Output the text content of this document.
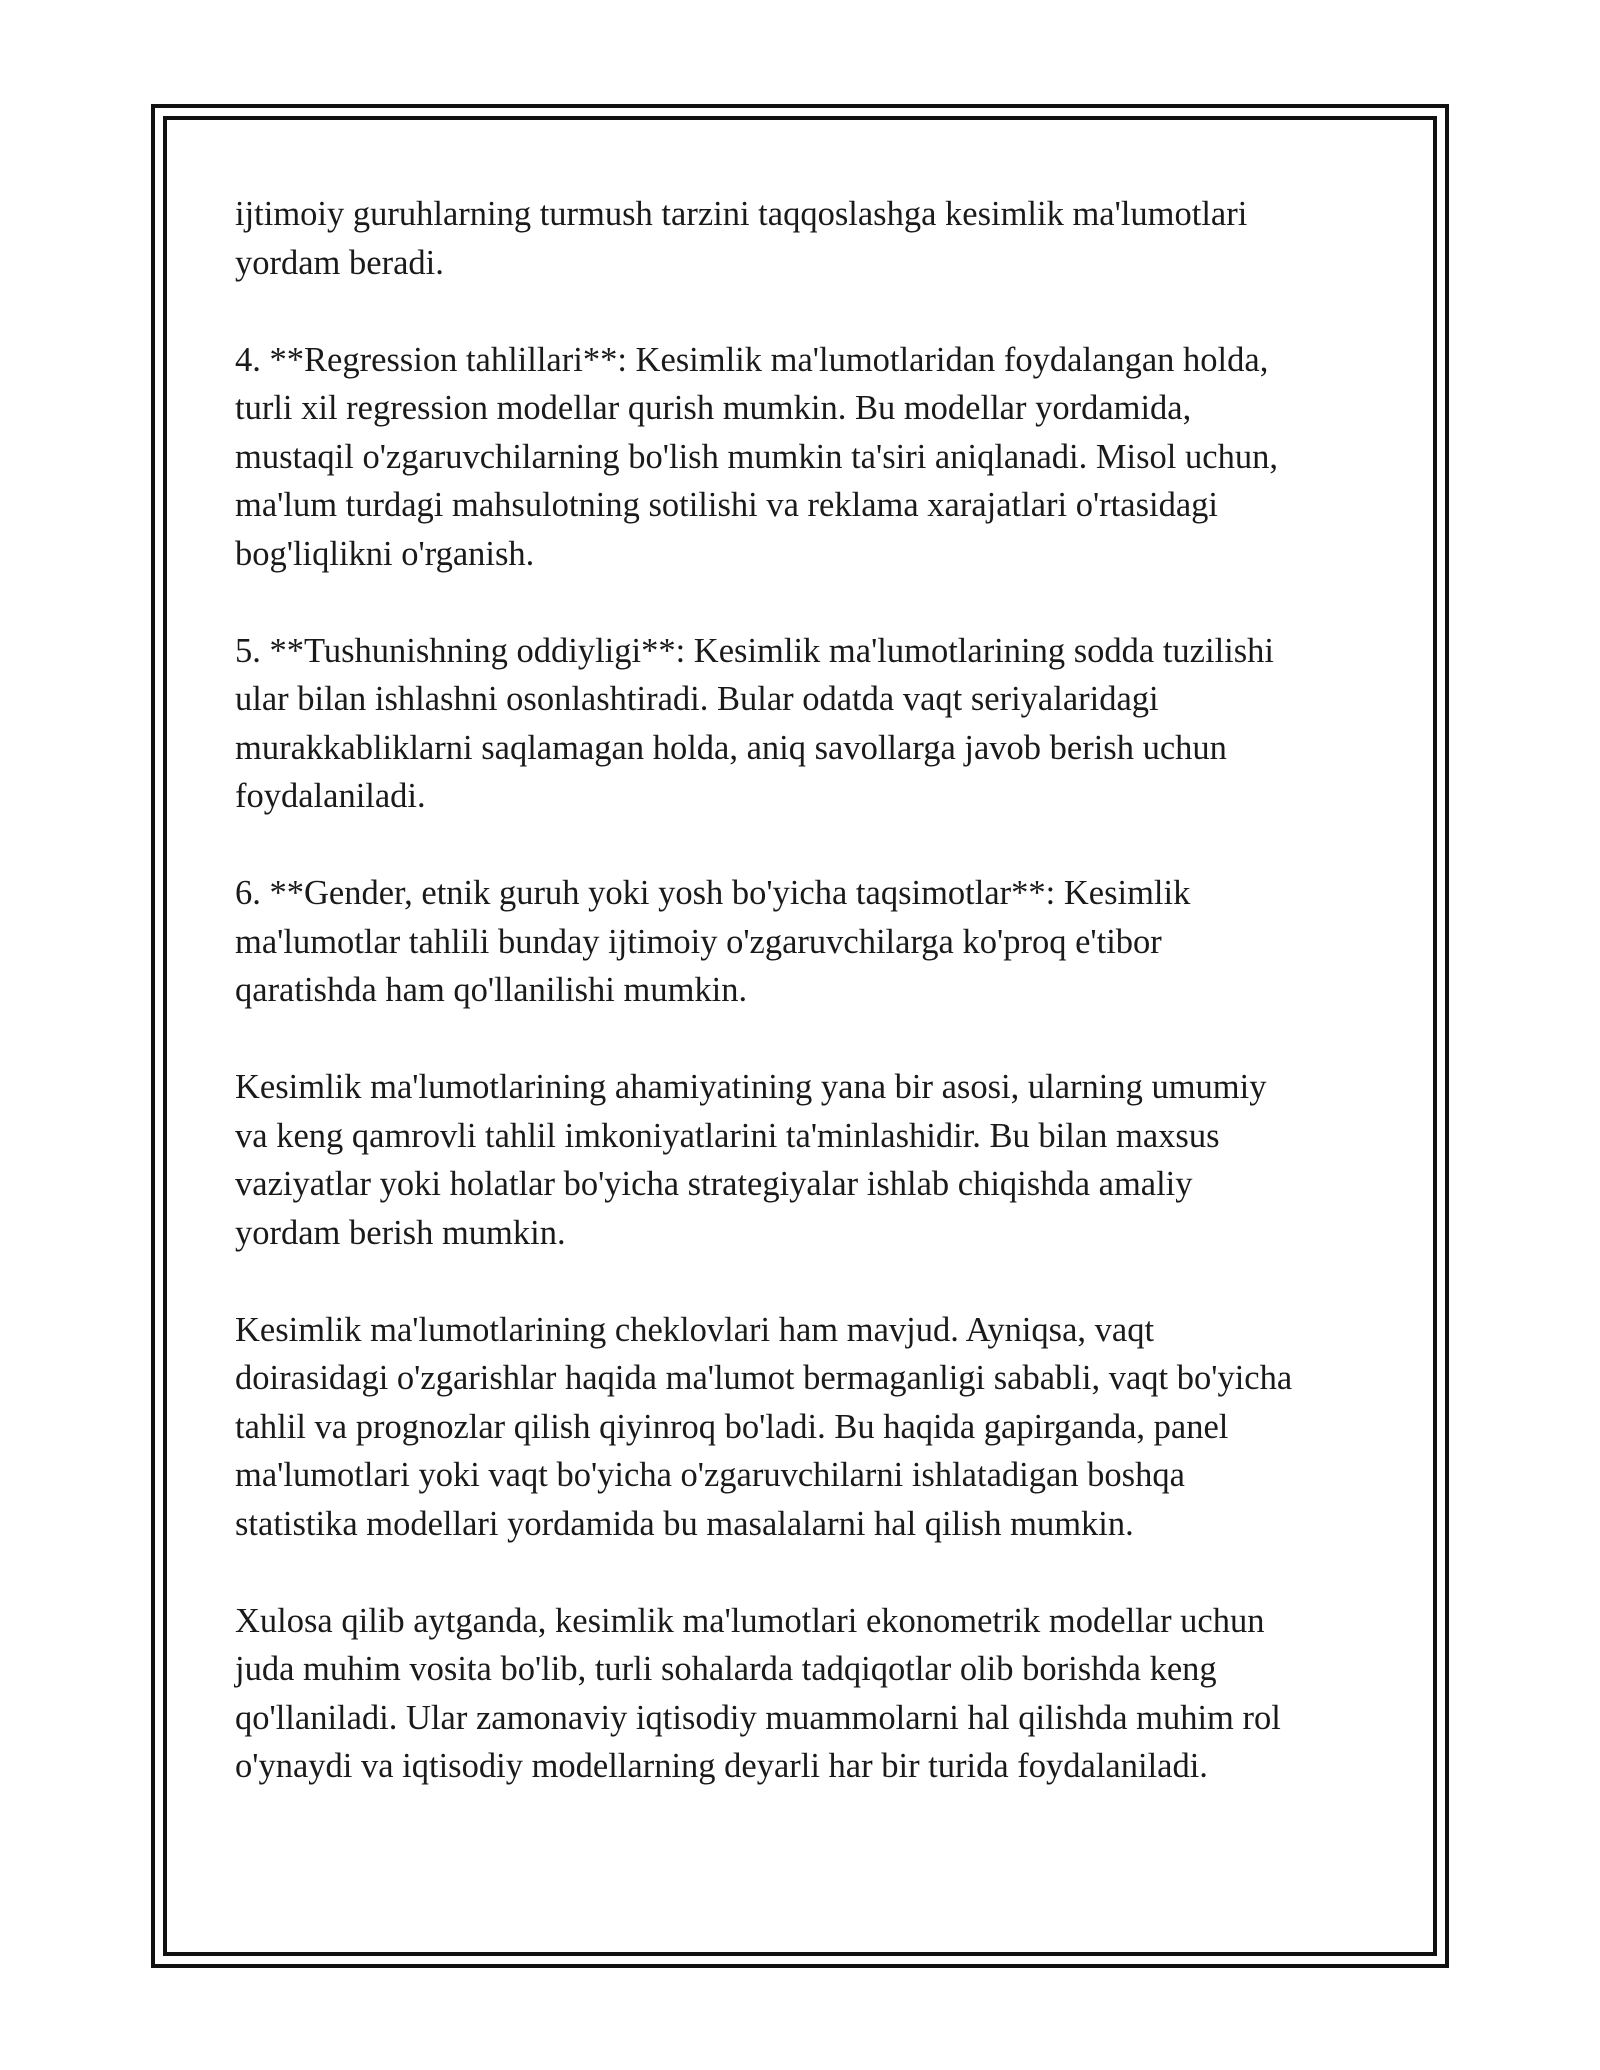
ijtimoiy guruhlarning turmush tarzini taqqoslashga kesimlik ma'lumotlari
yordam beradi.

4. **Regression tahlillari**: Kesimlik ma'lumotlaridan foydalangan holda,
turli xil regression modellar qurish mumkin. Bu modellar yordamida,
mustaqil o'zgaruvchilarning bo'lish mumkin ta'siri aniqlanadi. Misol uchun,
ma'lum turdagi mahsulotning sotilishi va reklama xarajatlari o'rtasidagi
bog'liqlikni o'rganish.

5. **Tushunishning oddiyligi**: Kesimlik ma'lumotlarining sodda tuzilishi
ular bilan ishlashni osonlashtiradi. Bular odatda vaqt seriyalaridagi
murakkabliklarni saqlamagan holda, aniq savollarga javob berish uchun
foydalaniladi.

6. **Gender, etnik guruh yoki yosh bo'yicha taqsimotlar**: Kesimlik
ma'lumotlar tahlili bunday ijtimoiy o'zgaruvchilarga ko'proq e'tibor
qaratishda ham qo'llanilishi mumkin.

Kesimlik ma'lumotlarining ahamiyatining yana bir asosi, ularning umumiy
va keng qamrovli tahlil imkoniyatlarini ta'minlashidir. Bu bilan maxsus
vaziyatlar yoki holatlar bo'yicha strategiyalar ishlab chiqishda amaliy
yordam berish mumkin.

Kesimlik ma'lumotlarining cheklovlari ham mavjud. Ayniqsa, vaqt
doirasidagi o'zgarishlar haqida ma'lumot bermaganligi sababli, vaqt bo'yicha
tahlil va prognozlar qilish qiyinroq bo'ladi. Bu haqida gapirganda, panel
ma'lumotlari yoki vaqt bo'yicha o'zgaruvchilarni ishlatadigan boshqa
statistika modellari yordamida bu masalalarni hal qilish mumkin.

Xulosa qilib aytganda, kesimlik ma'lumotlari ekonometrik modellar uchun
juda muhim vosita bo'lib, turli sohalarda tadqiqotlar olib borishda keng
qo'llaniladi. Ular zamonaviy iqtisodiy muammolarni hal qilishda muhim rol
o'ynaydi va iqtisodiy modellarning deyarli har bir turida foydalaniladi.
